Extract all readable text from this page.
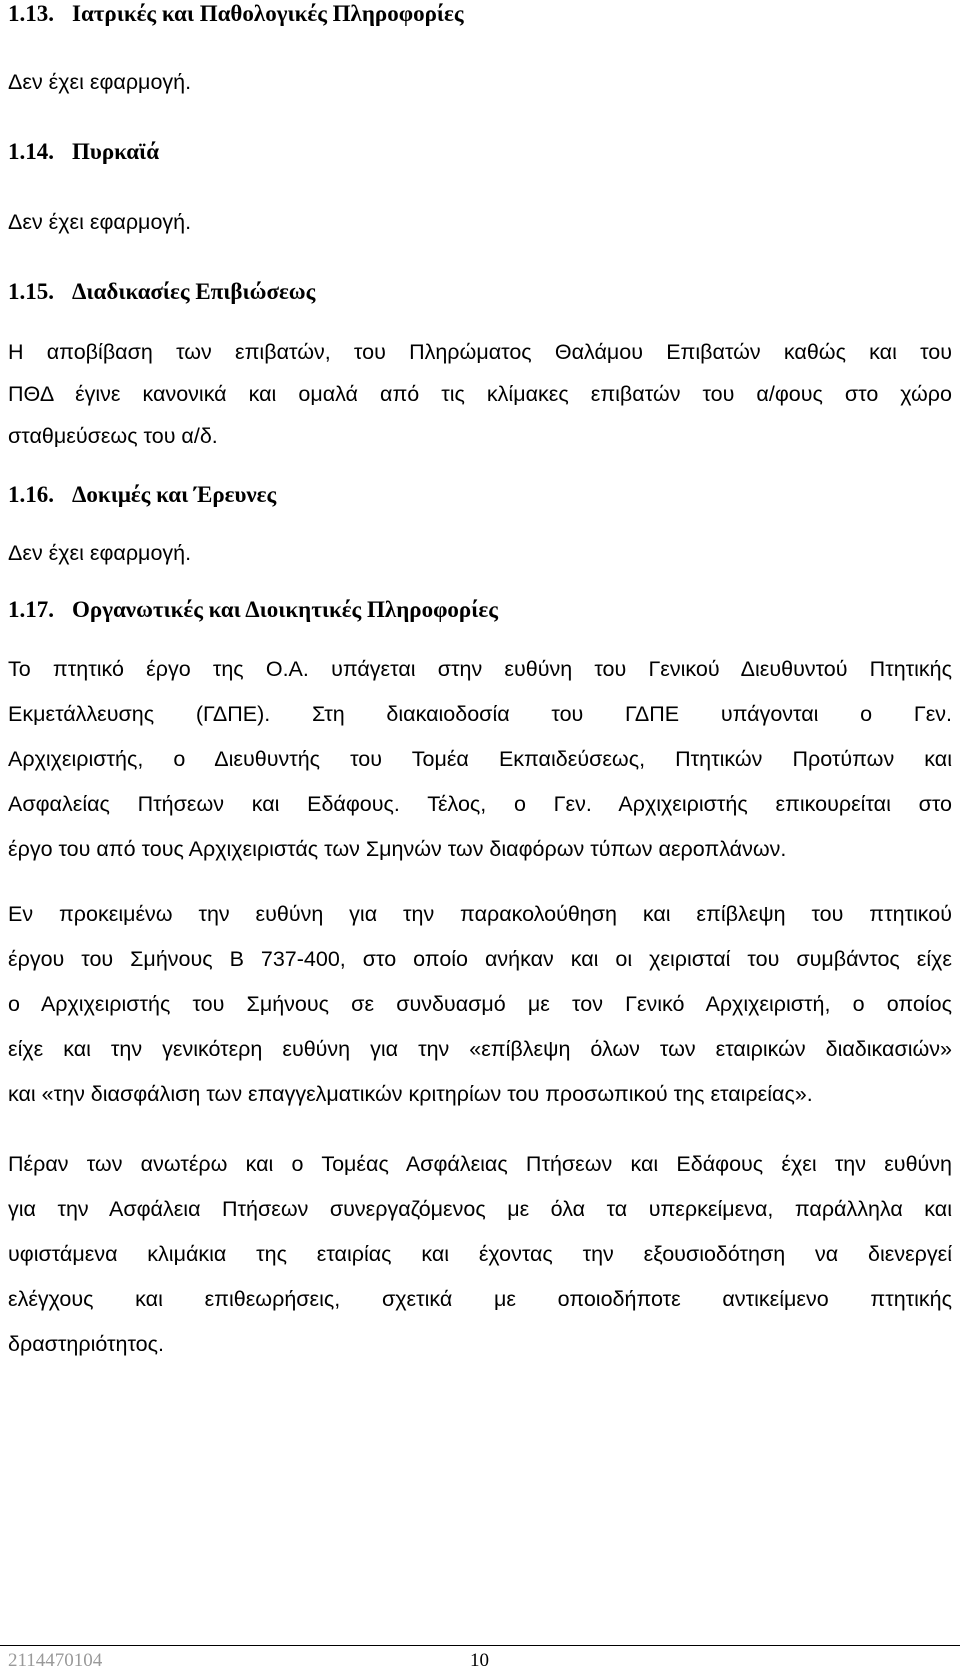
1.13. Ιατρικές και Παθολογικές Πληροφορίες
Δεν έχει εφαρμογή.
1.14. Πυρκαϊά
Δεν έχει εφαρμογή.
1.15. Διαδικασίες Επιβιώσεως
Η αποβίβαση των επιβατών, του Πληρώματος Θαλάμου Επιβατών καθώς και του
ΠΘΔ έγινε κανονικά και ομαλά από τις κλίμακες επιβατών του α/φους στο χώρο
σταθμεύσεως του α/δ.
1.16. Δοκιμές και Έρευνες
Δεν έχει εφαρμογή.
1.17. Οργανωτικές και Διοικητικές Πληροφορίες
Το πτητικό έργο της Ο.Α. υπάγεται στην ευθύνη του Γενικού Διευθυντού Πτητικής
Εκμετάλλευσης (ΓΔΠΕ). Στη διακαιοδοσία του ΓΔΠΕ υπάγονται ο Γεν.
Αρχιχειριστής, ο Διευθυντής του Τομέα Εκπαιδεύσεως, Πτητικών Προτύπων και
Ασφαλείας Πτήσεων και Εδάφους. Τέλος, ο Γεν. Αρχιχειριστής επικουρείται στο
έργο του από τους Αρχιχειριστάς των Σμηνών των διαφόρων τύπων αεροπλάνων.
Εν προκειμένω την ευθύνη για την παρακολούθηση και επίβλεψη του πτητικού
έργου του Σμήνους Β 737-400, στο οποίο ανήκαν και οι χειρισταί του συμβάντος είχε
ο Αρχιχειριστής του Σμήνους σε συνδυασμό με τον Γενικό Αρχιχειριστή, ο οποίος
είχε και την γενικότερη ευθύνη για την «επίβλεψη όλων των εταιρικών διαδικασιών»
και «την διασφάλιση των επαγγελματικών κριτηρίων του προσωπικού της εταιρείας».
Πέραν των ανωτέρω και ο Τομέας Ασφάλειας Πτήσεων και Εδάφους έχει την ευθύνη
για την Ασφάλεια Πτήσεων συνεργαζόμενος με όλα τα υπερκείμενα, παράλληλα και
υφιστάμενα κλιμάκια της εταιρίας και έχοντας την εξουσιοδότηση να διενεργεί
ελέγχους και επιθεωρήσεις, σχετικά με οποιοδήποτε αντικείμενο πτητικής
δραστηριότητος.
2114470104	10
